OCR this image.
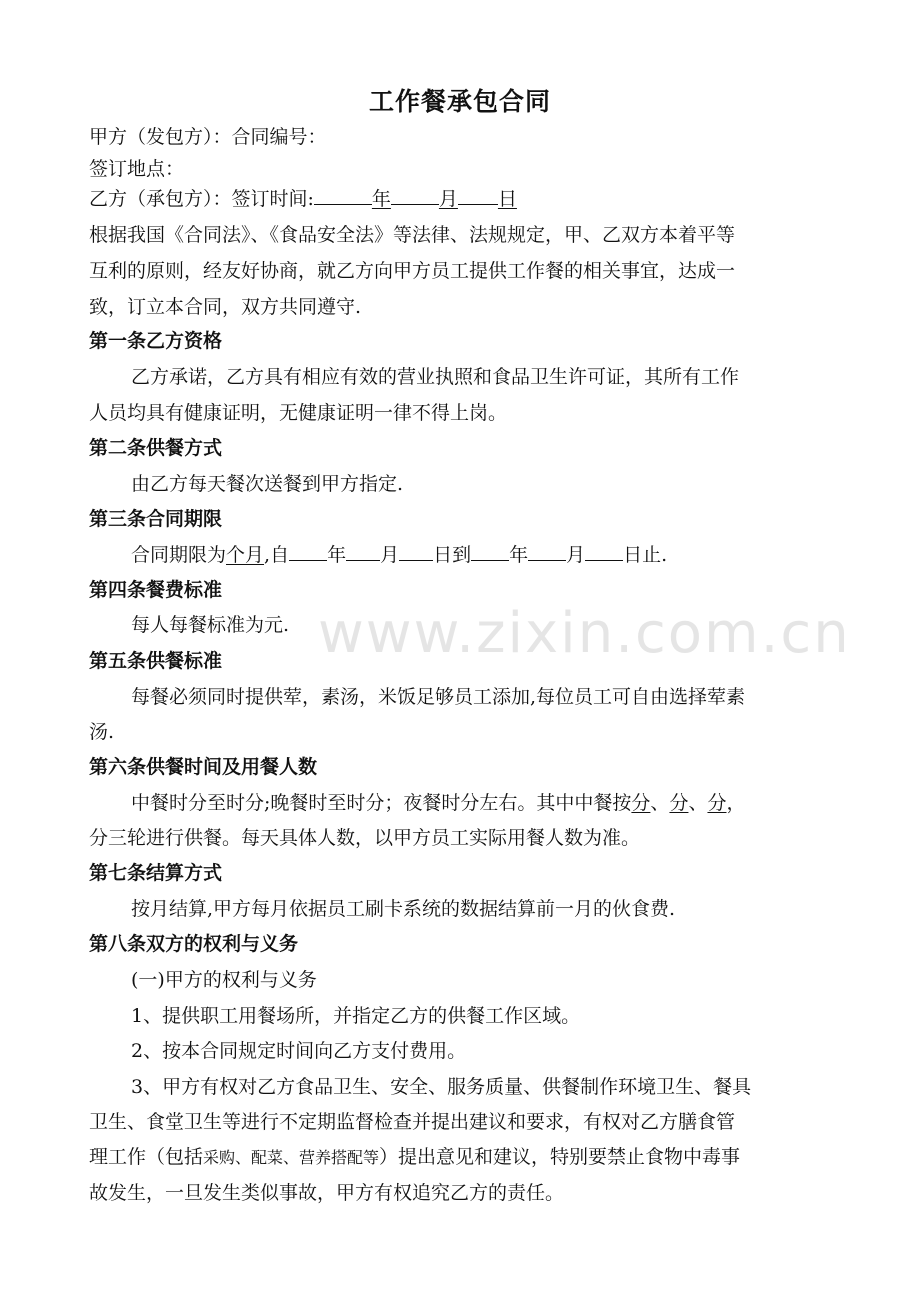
工作餐承包合同
甲方（发包方）：合同编号：
签订地点：
乙方（承包方）：签订时间:	年	月 日
根据我国《合同法》、《食品安全法》等法律、法规规定，甲、乙双方本着平等
互利的原则，经友好协商，就乙方向甲方员工提供工作餐的相关事宜，达成一
致，订立本合同，双方共同遵守.
第一条乙方资格
乙方承诺，乙方具有相应有效的营业执照和食品卫生许可证，其所有工作
人员均具有健康证明，无健康证明一律不得上岗。
第二条供餐方式
由乙方每天餐次送餐到甲方指定.
第三条合同期限
合同期限为个月,自 年 月 日到 年 月 日止.
第四条餐费标准
每人每餐标准为元.
第五条供餐标准
每餐必须同时提供荤，素汤，米饭足够员工添加,每位员工可自由选择荤素
汤.
第六条供餐时间及用餐人数
中餐时分至时分;晚餐时至时分；夜餐时分左右。其中中餐按分、分、分，
分三轮进行供餐。每天具体人数，以甲方员工实际用餐人数为准。
第七条结算方式
按月结算,甲方每月依据员工刷卡系统的数据结算前一月的伙食费.
第八条双方的权利与义务
(一)甲方的权利与义务
1、提供职工用餐场所，并指定乙方的供餐工作区域。
2、按本合同规定时间向乙方支付费用。
3、甲方有权对乙方食品卫生、安全、服务质量、供餐制作环境卫生、餐具
卫生、食堂卫生等进行不定期监督检查并提出建议和要求，有权对乙方膳食管
理工作（包括采购、配菜、营养搭配等）提出意见和建议，特别要禁止食物中毒事
故发生，一旦发生类似事故，甲方有权追究乙方的责任。
www.zixin.com.cn
